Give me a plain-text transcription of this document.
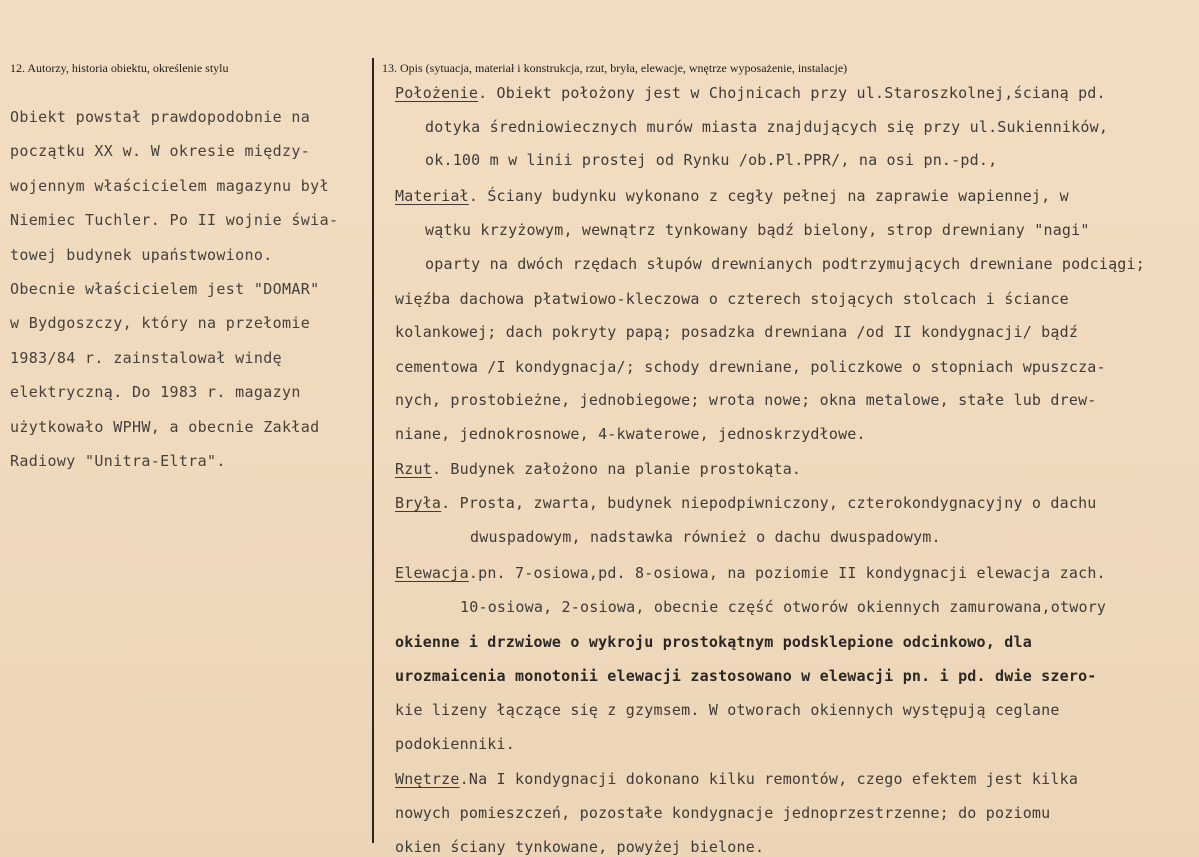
12. Autorzy, historia obiektu, określenie stylu	13. Opis (sytuacja, materiał i konstrukcja, rzut, bryła, elewacje, wnętrze wyposażenie, instalacje)
Obiekt powstał prawdopodobnie na
początku XX w. W okresie między-
wojennym właścicielem magazynu był
Niemiec Tuchler. Po II wojnie świa-
towej budynek upaństwowiono.
Obecnie właścicielem jest "DOMAR"
w Bydgoszczy, który na przełomie
1983/84 r. zainstalował windę
elektryczną. Do 1983 r. magazyn
użytkowało WPHW, a obecnie Zakład
Radiowy "Unitra-Eltra".
Położenie. Obiekt położony jest w Chojnicach przy ul.Staroszkolnej,ścianą pd.
dotyka średniowiecznych murów miasta znajdujących się przy ul.Sukienników,
ok.100 m w linii prostej od Rynku /ob.Pl.PPR/, na osi pn.-pd.,
Materiał. Ściany budynku wykonano z cegły pełnej na zaprawie wapiennej, w
wątku krzyżowym, wewnątrz tynkowany bądź bielony, strop drewniany "nagi"
oparty na dwóch rzędach słupów drewnianych podtrzymujących drewniane podciągi;
więźba dachowa płatwiowo-kleczowa o czterech stojących stolcach i ściance
kolankowej; dach pokryty papą; posadzka drewniana /od II kondygnacji/ bądź
cementowa /I kondygnacja/; schody drewniane, policzkowe o stopniach wpuszcza-
nych, prostobieżne, jednobiegowe; wrota nowe; okna metalowe, stałe lub drew-
niane, jednokrosnowe, 4-kwaterowe, jednoskrzydłowe.
Rzut. Budynek założono na planie prostokąta.
Bryła. Prosta, zwarta, budynek niepodpiwniczony, czterokondygnacyjny o dachu
dwuspadowym, nadstawka również o dachu dwuspadowym.
Elewacja.pn. 7-osiowa,pd. 8-osiowa, na poziomie II kondygnacji elewacja zach.
10-osiowa, 2-osiowa, obecnie część otworów okiennych zamurowana,otwory
okienne i drzwiowe o wykroju prostokątnym podsklepione odcinkowo, dla
urozmaicenia monotonii elewacji zastosowano w elewacji pn. i pd. dwie szero-
kie lizeny łączące się z gzymsem. W otworach okiennych występują ceglane
podokienniki.
Wnętrze.Na I kondygnacji dokonano kilku remontów, czego efektem jest kilka
nowych pomieszczeń, pozostałe kondygnacje jednoprzestrzenne; do poziomu
okien ściany tynkowane, powyżej bielone.
